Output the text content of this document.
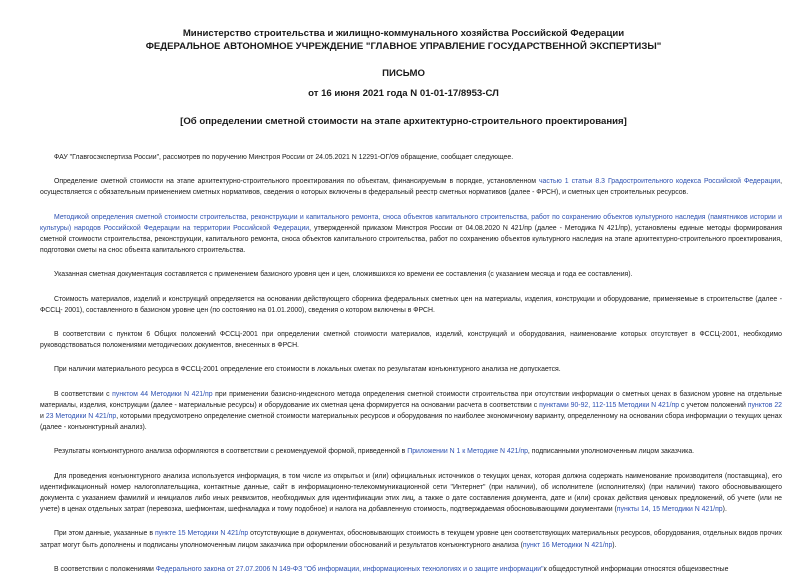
Министерство строительства и жилищно-коммунального хозяйства Российской Федерации
ФЕДЕРАЛЬНОЕ АВТОНОМНОЕ УЧРЕЖДЕНИЕ "ГЛАВНОЕ УПРАВЛЕНИЕ ГОСУДАРСТВЕННОЙ ЭКСПЕРТИЗЫ"
ПИСЬМО
от 16 июня 2021 года N 01-01-17/8953-СЛ
[Об определении сметной стоимости на этапе архитектурно-строительного проектирования]

ФАУ "Главгосэкспертиза России", рассмотрев по поручению Минстроя России от 24.05.2021 N 12291-ОГ/09 обращение, сообщает следующее.

Определение сметной стоимости на этапе архитектурно-строительного проектирования по объектам, финансируемым в порядке, установленном частью 1 статьи 8.3 Градостроительного кодекса Российской Федерации, осуществляется с обязательным применением сметных нормативов, сведения о которых включены в федеральный реестр сметных нормативов (далее - ФРСН), и сметных цен строительных ресурсов.

Методикой определения сметной стоимости строительства, реконструкции и капитального ремонта, сноса объектов капитального строительства, работ по сохранению объектов культурного наследия (памятников истории и культуры) народов Российской Федерации на территории Российской Федерации, утвержденной приказом Минстроя России от 04.08.2020 N 421/пр (далее - Методика N 421/пр), установлены единые методы формирования сметной стоимости строительства, реконструкции, капитального ремонта, сноса объектов капитального строительства, работ по сохранению объектов культурного наследия на этапе архитектурно-строительного проектирования, подготовки сметы на снос объекта капитального строительства.

Указанная сметная документация составляется с применением базисного уровня цен и цен, сложившихся ко времени ее составления (с указанием месяца и года ее составления).

Стоимость материалов, изделий и конструкций определяется на основании действующего сборника федеральных сметных цен на материалы, изделия, конструкции и оборудование, применяемые в строительстве (далее - ФССЦ- 2001), составленного в базисном уровне цен (по состоянию на 01.01.2000), сведения о котором включены в ФРСН.

В соответствии с пунктом 6 Общих положений ФССЦ-2001 при определении сметной стоимости материалов, изделий, конструкций и оборудования, наименование которых отсутствует в ФССЦ-2001, необходимо руководствоваться положениями методических документов, внесенных в ФРСН.

При наличии материального ресурса в ФССЦ-2001 определение его стоимости в локальных сметах по результатам конъюнктурного анализа не допускается.

В соответствии с пунктом 44 Методики N 421/пр при применении базисно-индексного метода определения сметной стоимости строительства при отсутствии информации о сметных ценах в базисном уровне на отдельные материалы, изделия, конструкции (далее - материальные ресурсы) и оборудование их сметная цена формируется на основании расчета в соответствии с пунктами 90-92, 112-115 Методики N 421/пр с учетом положений пунктов 22 и 23 Методики N 421/пр, которыми предусмотрено определение сметной стоимости материальных ресурсов и оборудования по наиболее экономичному варианту, определенному на основании сбора информации о текущих ценах (далее - конъюнктурный анализ).

Результаты конъюнктурного анализа оформляются в соответствии с рекомендуемой формой, приведенной в Приложении N 1 к Методике N 421/пр, подписанными уполномоченным лицом заказчика.

Для проведения конъюнктурного анализа используется информация, в том числе из открытых и (или) официальных источников о текущих ценах, которая должна содержать наименование производителя (поставщика), его идентификационный номер налогоплательщика, контактные данные, сайт в информационно-телекоммуникационной сети "Интернет" (при наличии), об исполнителе (исполнителях) (при наличии) такого обосновывающего документа с указанием фамилий и инициалов либо иных реквизитов, необходимых для идентификации этих лиц, а также о дате составления документа, дате и (или) сроках действия ценовых предложений, об учете (или не учете) в ценах отдельных затрат (перевозка, шефмонтаж, шефналадка и тому подобное) и налога на добавленную стоимость, подтверждаемая обосновывающими документами (пункты 14, 15 Методики N 421/пр).

При этом данные, указанные в пункте 15 Методики N 421/пр отсутствующие в документах, обосновывающих стоимость в текущем уровне цен соответствующих материальных ресурсов, оборудования, отдельных видов прочих затрат могут быть дополнены и подписаны уполномоченным лицом заказчика при оформлении обоснований и результатов конъюнктурного анализа (пункт 16 Методики N 421/пр).

В соответствии с положениями Федерального закона от 27.07.2006 N 149-ФЗ "Об информации, информационных технологиях и о защите информации"к общедоступной информации относятся общеизвестные
